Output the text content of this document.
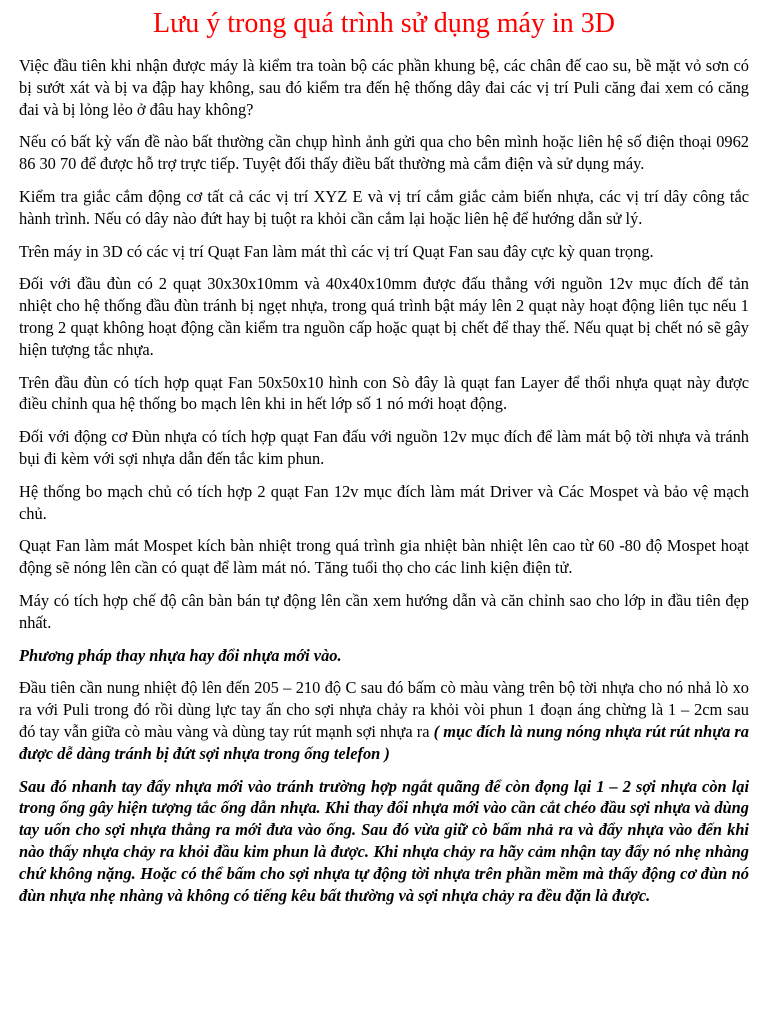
Lưu ý trong quá trình sử dụng máy in 3D

Việc đầu tiên khi nhận được máy là kiểm tra toàn bộ các phần khung bệ, các chân đế cao su, bề mặt vỏ sơn có bị sướt xát và bị va đập hay không, sau đó kiểm tra đến hệ thống dây đai các vị trí Puli căng đai xem có căng đai và bị lỏng lẻo ở đâu hay không?

Nếu có bất kỳ vấn đề nào bất thường cần chụp hình ảnh gửi qua cho bên mình hoặc liên hệ số điện thoại 0962 86 30 70 để được hỗ trợ trực tiếp. Tuyệt đối thấy điều bất thường mà cắm điện và sử dụng máy.

Kiểm tra giắc cắm động cơ tất cả các vị trí XYZ E và vị trí cắm giắc cảm biến nhựa, các vị trí dây công tắc hành trình. Nếu có dây nào đứt hay bị tuột ra khỏi cần cắm lại hoặc liên hệ để hướng dẫn sử lý.

Trên máy in 3D có các vị trí Quạt Fan làm mát thì các vị trí Quạt Fan sau đây cực kỳ quan trọng.

Đối với đầu đùn có 2 quạt 30x30x10mm và 40x40x10mm được đấu thẳng với nguồn 12v mục đích để tản nhiệt cho hệ thống đầu đùn tránh bị ngẹt nhựa, trong quá trình bật máy lên 2 quạt này hoạt động liên tục nếu 1 trong 2 quạt không hoạt động cần kiểm tra nguồn cấp hoặc quạt bị chết để thay thế. Nếu quạt bị chết nó sẽ gây hiện tượng tắc nhựa.

Trên đầu đùn có tích hợp quạt Fan 50x50x10 hình con Sò đây là quạt fan Layer để thổi nhựa quạt này được điều chỉnh qua hệ thống bo mạch lên khi in hết lớp số 1 nó mới hoạt động.

Đối với động cơ Đùn nhựa có tích hợp quạt Fan đấu với nguồn 12v mục đích để làm mát bộ tời nhựa và tránh bụi đi kèm với sợi nhựa dẫn đến tắc kim phun.

Hệ thống bo mạch chủ có tích hợp 2 quạt Fan 12v mục đích làm mát Driver và Các Mospet và bảo vệ mạch chủ.

Quạt Fan làm mát Mospet kích bàn nhiệt trong quá trình gia nhiệt bàn nhiệt lên cao từ 60 -80 độ Mospet hoạt động sẽ nóng lên cần có quạt để làm mát nó. Tăng tuổi thọ cho các linh kiện điện tử.

Máy có tích hợp chế độ cân bàn bán tự động lên cần xem hướng dẫn và căn chỉnh sao cho lớp in đầu tiên đẹp nhất.

Phương pháp thay nhựa hay đổi nhựa mới vào.

Đầu tiên cần nung nhiệt độ lên đến 205 – 210 độ C sau đó bấm cò màu vàng trên bộ tời nhựa cho nó nhả lò xo ra với Puli trong đó rồi dùng lực tay ấn cho sợi nhựa chảy ra khỏi vòi phun 1 đoạn áng chừng là 1 – 2cm sau đó tay vẫn giữa cò màu vàng và dùng tay rút mạnh sợi nhựa ra ( mục đích là nung nóng nhựa rút rút nhựa ra được dễ dàng tránh bị đứt sợi nhựa trong ống telefon )

Sau đó nhanh tay đẩy nhựa mới vào tránh trường hợp ngắt quãng để còn đọng lại 1 – 2 sợi nhựa còn lại trong ống gây hiện tượng tắc ống dẫn nhựa. Khi thay đổi nhựa mới vào cần cắt chéo đầu sợi nhựa và dùng tay uốn cho sợi nhựa thẳng ra mới đưa vào ống. Sau đó vừa giữ cò bấm nhả ra và đẩy nhựa vào đến khi nào thấy nhựa chảy ra khỏi đầu kim phun là được. Khi nhựa chảy ra hãy cảm nhận tay đẩy nó nhẹ nhàng chứ không nặng. Hoặc có thể bấm cho sợi nhựa tự động tời nhựa trên phần mềm mà thấy động cơ đùn nó đùn nhựa nhẹ nhàng và không có tiếng kêu bất thường và sợi nhựa chảy ra đều đặn là được.
